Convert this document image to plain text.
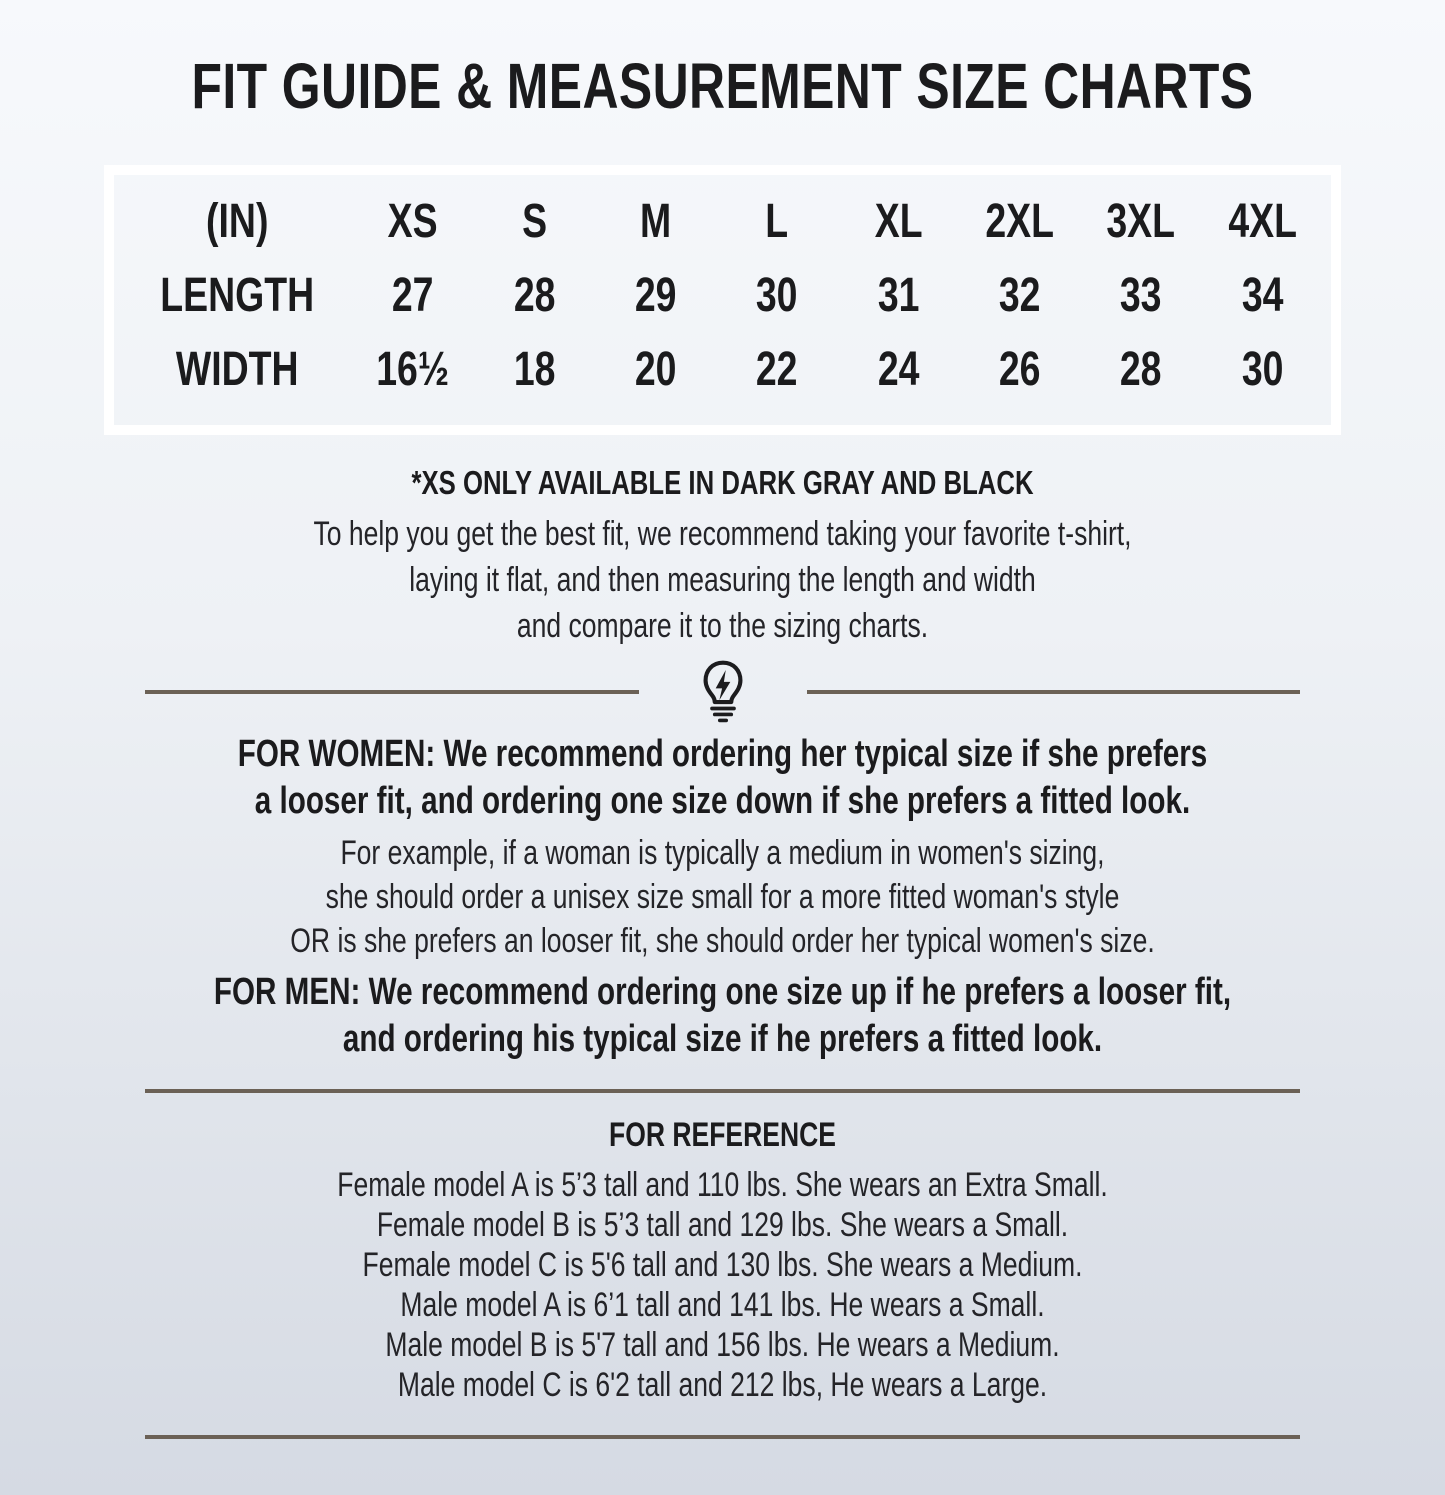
FIT GUIDE & MEASUREMENT SIZE CHARTS
(IN)	XS	S	M	L	XL	2XL 3XL 4XL
LENGTH	27	28	29	30	31	32	33	34
WIDTH	16½	18	20	22	24	26	28	30
*XS ONLY AVAILABLE IN DARK GRAY AND BLACK
To help you get the best fit, we recommend taking your favorite t-shirt,
laying it flat, and then measuring the length and width
and compare it to the sizing charts.
FOR WOMEN: We recommend ordering her typical size if she prefers
a looser fit, and ordering one size down if she prefers a fitted look.
For example, if a woman is typically a medium in women's sizing,
she should order a unisex size small for a more fitted woman's style
OR is she prefers an looser fit, she should order her typical women's size.
FOR MEN: We recommend ordering one size up if he prefers a looser fit,
and ordering his typical size if he prefers a fitted look.
FOR REFERENCE
Female model A is 5’3 tall and 110 lbs. She wears an Extra Small.
Female model B is 5’3 tall and 129 lbs. She wears a Small.
Female model C is 5'6 tall and 130 lbs. She wears a Medium.
Male model A is 6’1 tall and 141 lbs. He wears a Small.
Male model B is 5'7 tall and 156 lbs. He wears a Medium.
Male model C is 6'2 tall and 212 lbs, He wears a Large.
